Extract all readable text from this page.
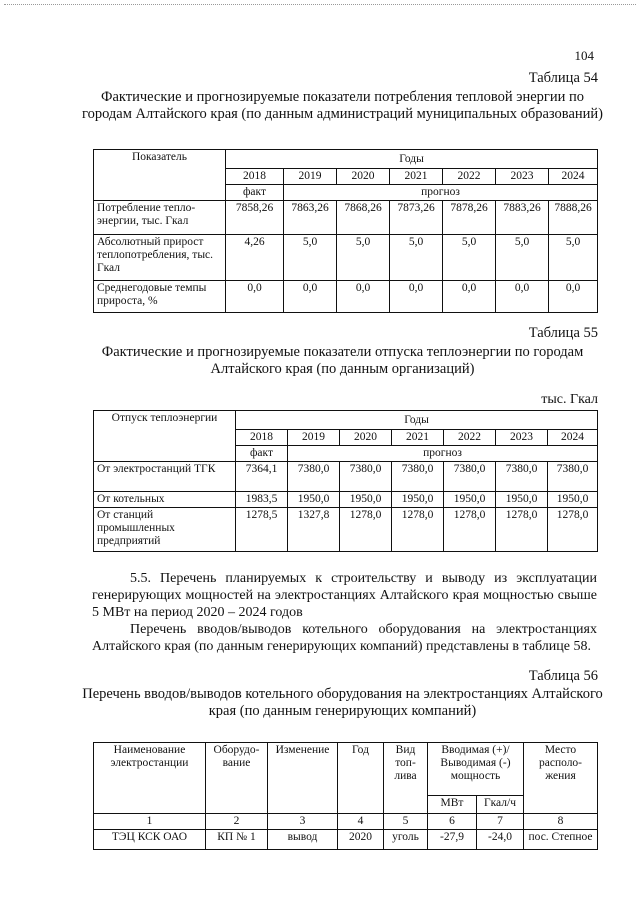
104
Таблица 54
Фактические и прогнозируемые показатели потребления тепловой энергии по городам Алтайского края (по данным администраций муниципальных образований)
Показатель	Годы						
	2018	2019	2020	2021	2022	2023	2024
	факт	прогноз					
Потребление тепло-энергии, тыс. Гкал	7858,26	7863,26	7868,26	7873,26	7878,26	7883,26	7888,26
Абсолютный прирост теплопотребления, тыс. Гкал	4,26	5,0	5,0	5,0	5,0	5,0	5,0
Среднегодовые темпы прироста, %	0,0	0,0	0,0	0,0	0,0	0,0	0,0
Таблица 55
Фактические и прогнозируемые показатели отпуска теплоэнергии по городам Алтайского края (по данным организаций)
тыс. Гкал
Отпуск теплоэнергии	Годы						
	2018	2019	2020	2021	2022	2023	2024
	факт	прогноз					
От электростанций ТГК	7364,1	7380,0	7380,0	7380,0	7380,0	7380,0	7380,0
От котельных	1983,5	1950,0	1950,0	1950,0	1950,0	1950,0	1950,0
От станций промышленных предприятий	1278,5	1327,8	1278,0	1278,0	1278,0	1278,0	1278,0
5.5. Перечень планируемых к строительству и выводу из эксплуатации генерирующих мощностей на электростанциях Алтайского края мощностью свыше 5 МВт на период 2020 – 2024 годов
Перечень вводов/выводов котельного оборудования на электростанциях Алтайского края (по данным генерирующих компаний) представлены в таблице 58.
Таблица 56
Перечень вводов/выводов котельного оборудования на электростанциях Алтайского края (по данным генерирующих компаний)
Наименование электростанции	Оборудо-вание	Изменение	Год	Вид топ-лива	Вводимая (+)/ Выводимая (-) мощность		Место располо-жения
					МВт	Гкал/ч	
1	2	3	4	5	6	7	8
ТЭЦ КСК ОАО	КП № 1	вывод	2020	уголь	-27,9	-24,0	пос. Степное
